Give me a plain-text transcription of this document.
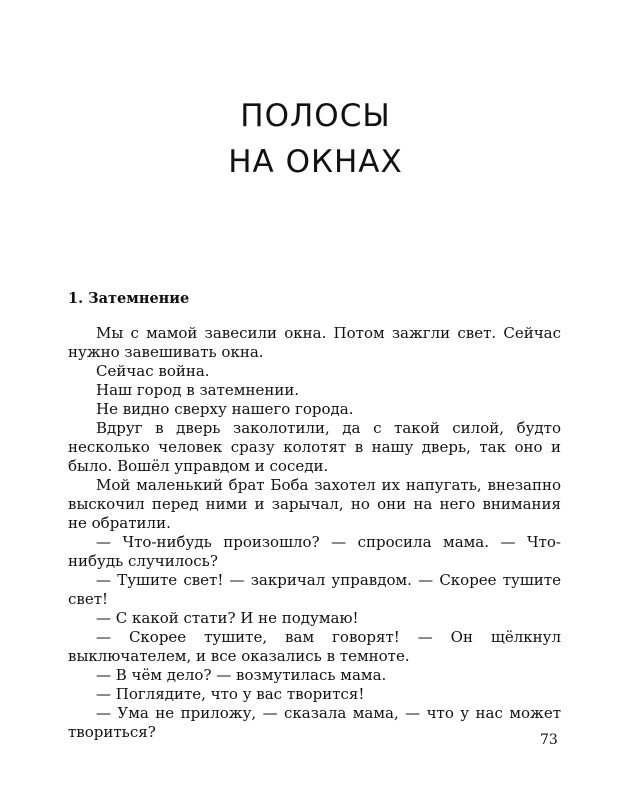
ПОЛОСЫ
НА ОКНАХ
1. Затемнение

Мы с мамой завесили окна. Потом зажгли свет. Сейчас нужно завешивать окна.

Сейчас война.

Наш город в затемнении.

Не видно сверху нашего города.

Вдруг в дверь заколотили, да с такой силой, будто несколько человек сразу колотят в нашу дверь, так оно и было. Вошёл управдом и соседи.

Мой маленький брат Боба захотел их напугать, внезапно выскочил перед ними и зарычал, но они на него внимания не обратили.

— Что-нибудь произошло? — спросила мама. — Что-нибудь случилось?

— Тушите свет! — закричал управдом. — Скорее тушите свет!

— С какой стати? И не подумаю!

— Скорее тушите, вам говорят! — Он щёлкнул выключателем, и все оказались в темноте.

— В чём дело? — возмутилась мама.

— Поглядите, что у вас творится!

— Ума не приложу, — сказала мама, — что у нас может твориться?	73
